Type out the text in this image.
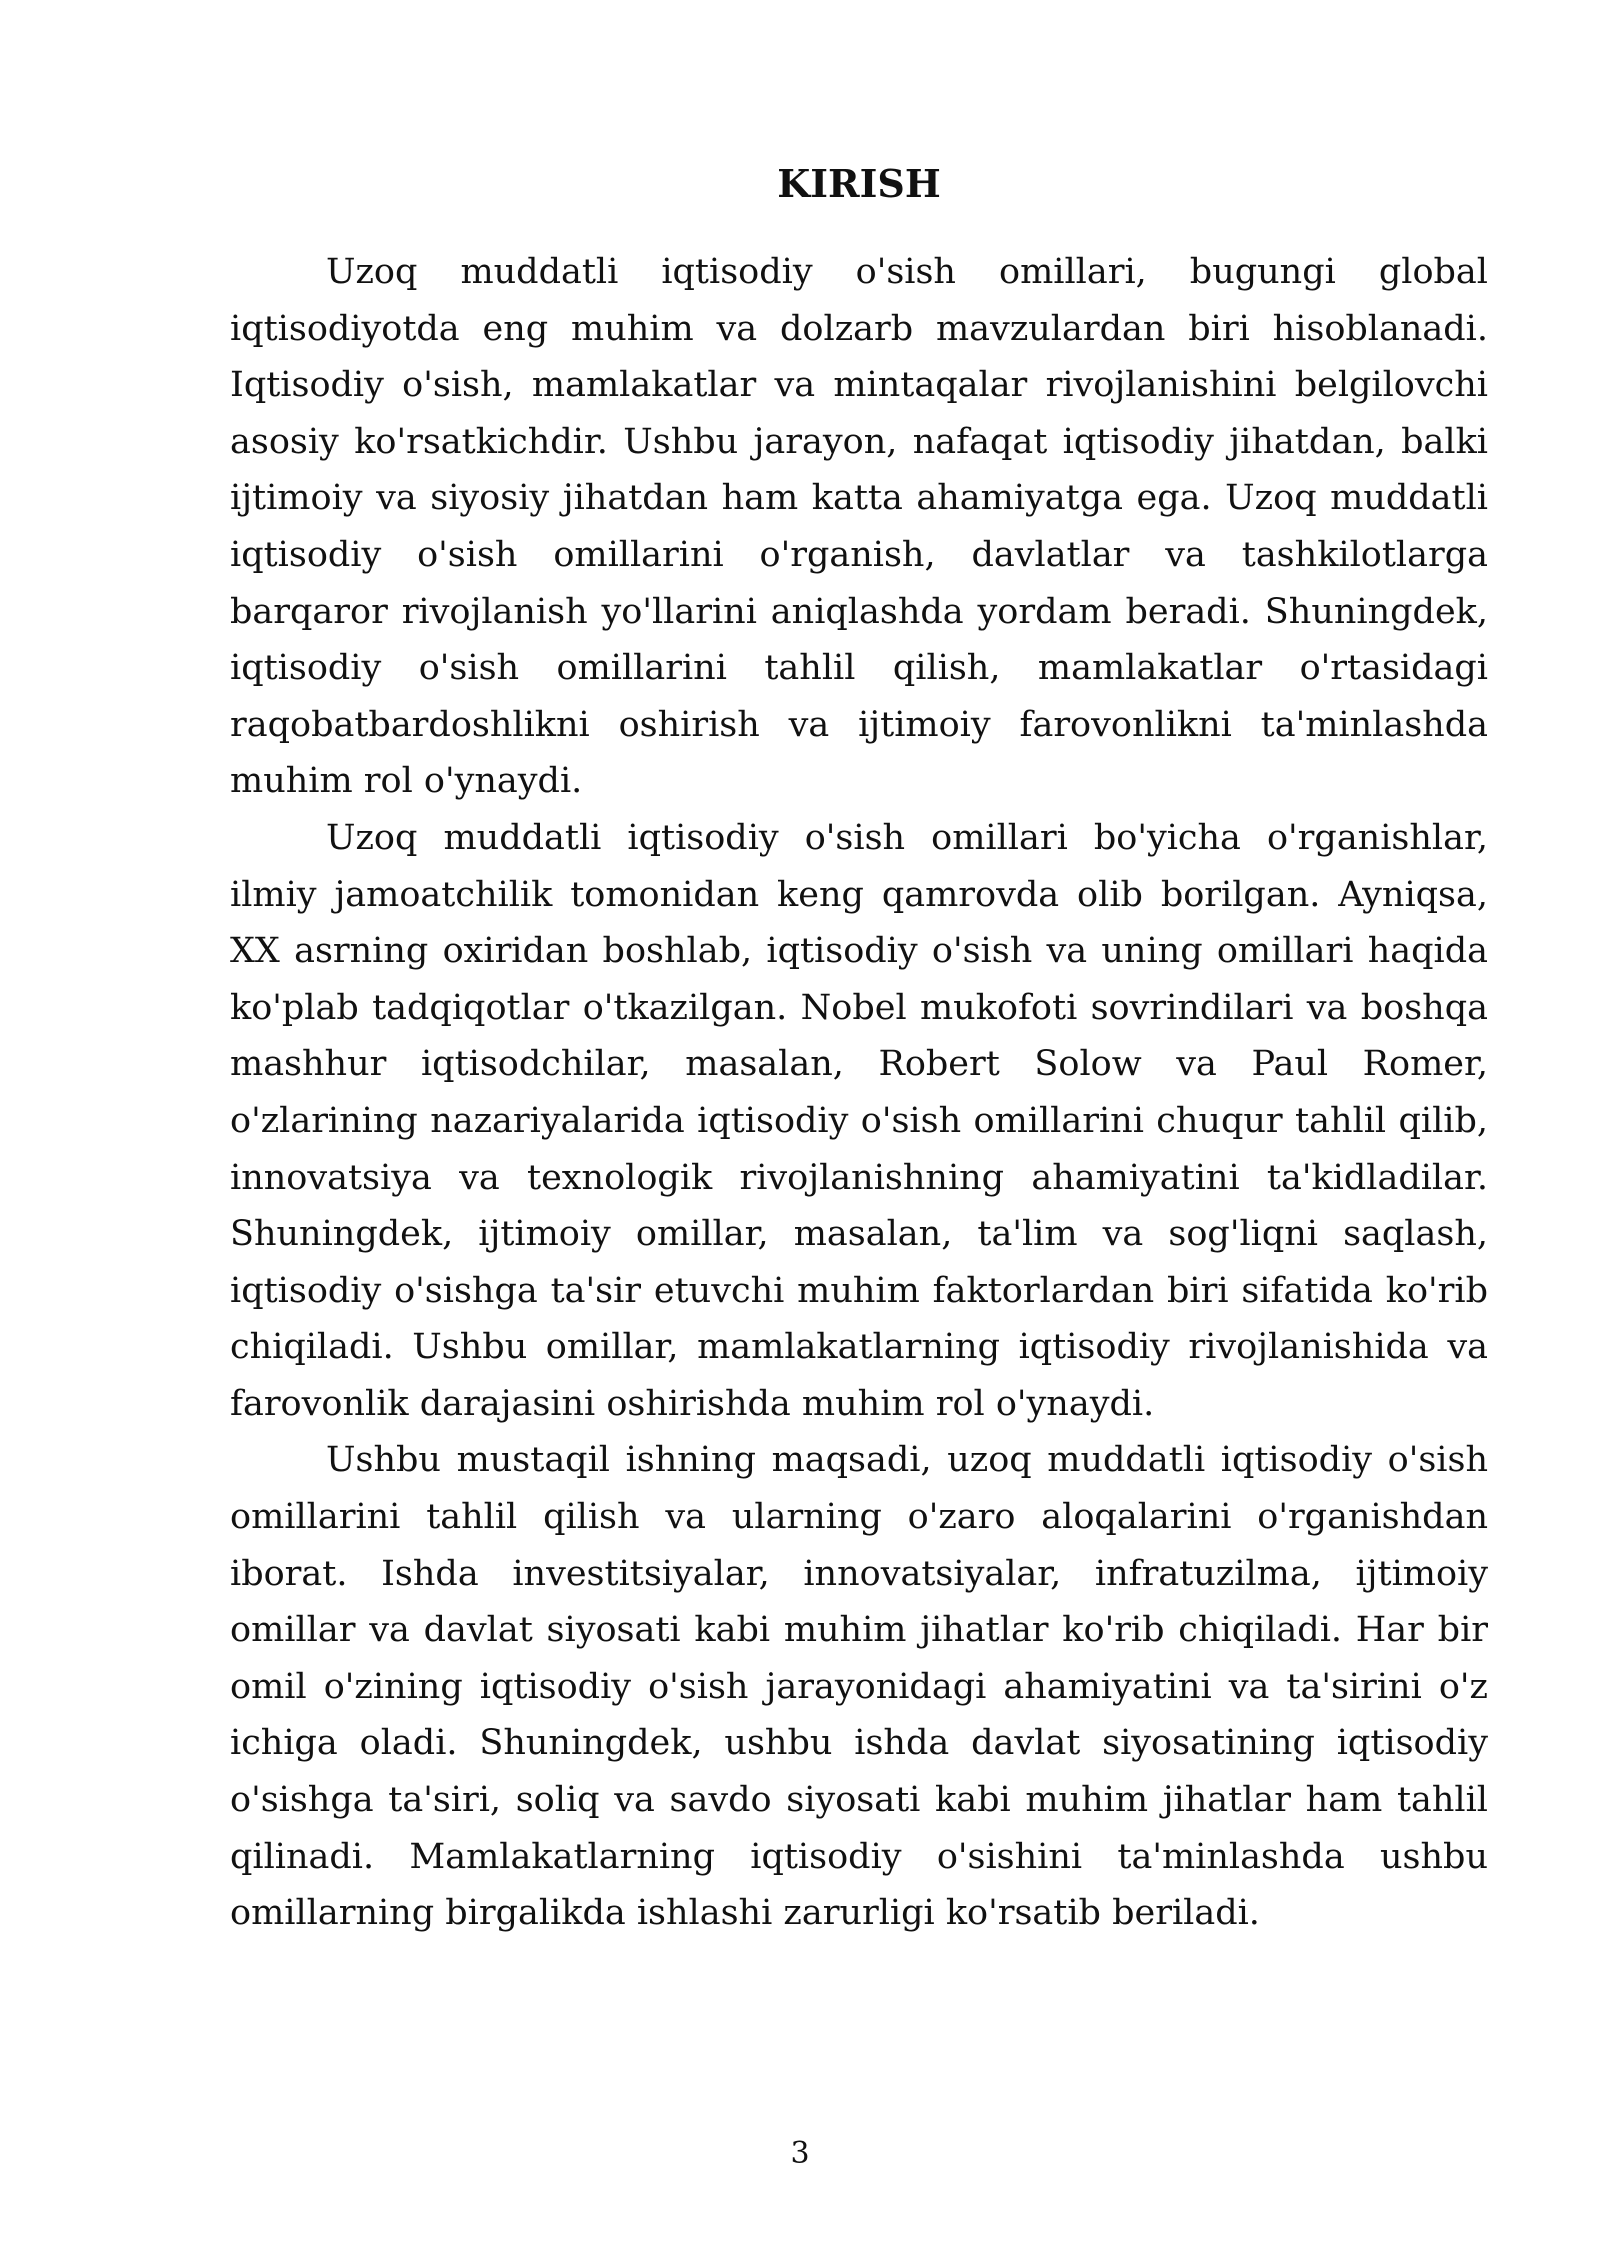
KIRISH

Uzoq muddatli iqtisodiy o'sish omillari, bugungi global iqtisodiyotda eng muhim va dolzarb mavzulardan biri hisoblanadi. Iqtisodiy o'sish, mamlakatlar va mintaqalar rivojlanishini belgilovchi asosiy ko'rsatkichdir. Ushbu jarayon, nafaqat iqtisodiy jihatdan, balki ijtimoiy va siyosiy jihatdan ham katta ahamiyatga ega. Uzoq muddatli iqtisodiy o'sish omillarini o'rganish, davlatlar va tashkilotlarga barqaror rivojlanish yo'llarini aniqlashda yordam beradi. Shuningdek, iqtisodiy o'sish omillarini tahlil qilish, mamlakatlar o'rtasidagi raqobatbardoshlikni oshirish va ijtimoiy farovonlikni ta'minlashda muhim rol o'ynaydi.

Uzoq muddatli iqtisodiy o'sish omillari bo'yicha o'rganishlar, ilmiy jamoatchilik tomonidan keng qamrovda olib borilgan. Ayniqsa, XX asrning oxiridan boshlab, iqtisodiy o'sish va uning omillari haqida ko'plab tadqiqotlar o'tkazilgan. Nobel mukofoti sovrindilari va boshqa mashhur iqtisodchilar, masalan, Robert Solow va Paul Romer, o'zlarining nazariyalarida iqtisodiy o'sish omillarini chuqur tahlil qilib, innovatsiya va texnologik rivojlanishning ahamiyatini ta'kidladilar. Shuningdek, ijtimoiy omillar, masalan, ta'lim va sog'liqni saqlash, iqtisodiy o'sishga ta'sir etuvchi muhim faktorlardan biri sifatida ko'rib chiqiladi. Ushbu omillar, mamlakatlarning iqtisodiy rivojlanishida va farovonlik darajasini oshirishda muhim rol o'ynaydi.

Ushbu mustaqil ishning maqsadi, uzoq muddatli iqtisodiy o'sish omillarini tahlil qilish va ularning o'zaro aloqalarini o'rganishdan iborat. Ishda investitsiyalar, innovatsiyalar, infratuzilma, ijtimoiy omillar va davlat siyosati kabi muhim jihatlar ko'rib chiqiladi. Har bir omil o'zining iqtisodiy o'sish jarayonidagi ahamiyatini va ta'sirini o'z ichiga oladi. Shuningdek, ushbu ishda davlat siyosatining iqtisodiy o'sishga ta'siri, soliq va savdo siyosati kabi muhim jihatlar ham tahlil qilinadi. Mamlakatlarning iqtisodiy o'sishini ta'minlashda ushbu omillarning birgalikda ishlashi zarurligi ko'rsatib beriladi.

3
